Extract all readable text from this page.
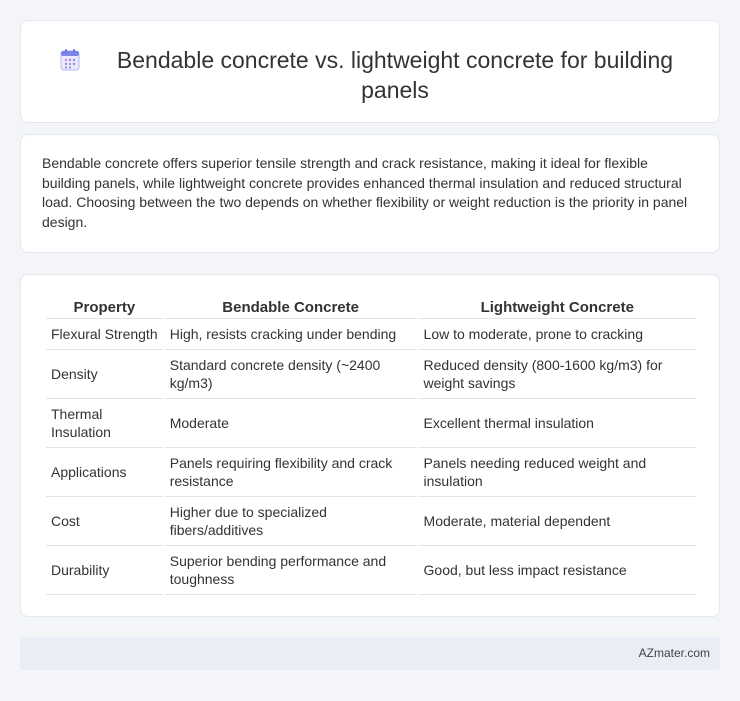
Bendable concrete vs. lightweight concrete for building panels

Bendable concrete offers superior tensile strength and crack resistance, making it ideal for flexible building panels, while lightweight concrete provides enhanced thermal insulation and reduced structural load. Choosing between the two depends on whether flexibility or weight reduction is the priority in panel design.

Property	Bendable Concrete	Lightweight Concrete
Flexural Strength	High, resists cracking under bending	Low to moderate, prone to cracking
Density	Standard concrete density (~2400 kg/m3)	Reduced density (800-1600 kg/m3) for weight savings
Thermal Insulation	Moderate	Excellent thermal insulation
Applications	Panels requiring flexibility and crack resistance	Panels needing reduced weight and insulation
Cost	Higher due to specialized fibers/additives	Moderate, material dependent
Durability	Superior bending performance and toughness	Good, but less impact resistance
AZmater.com
